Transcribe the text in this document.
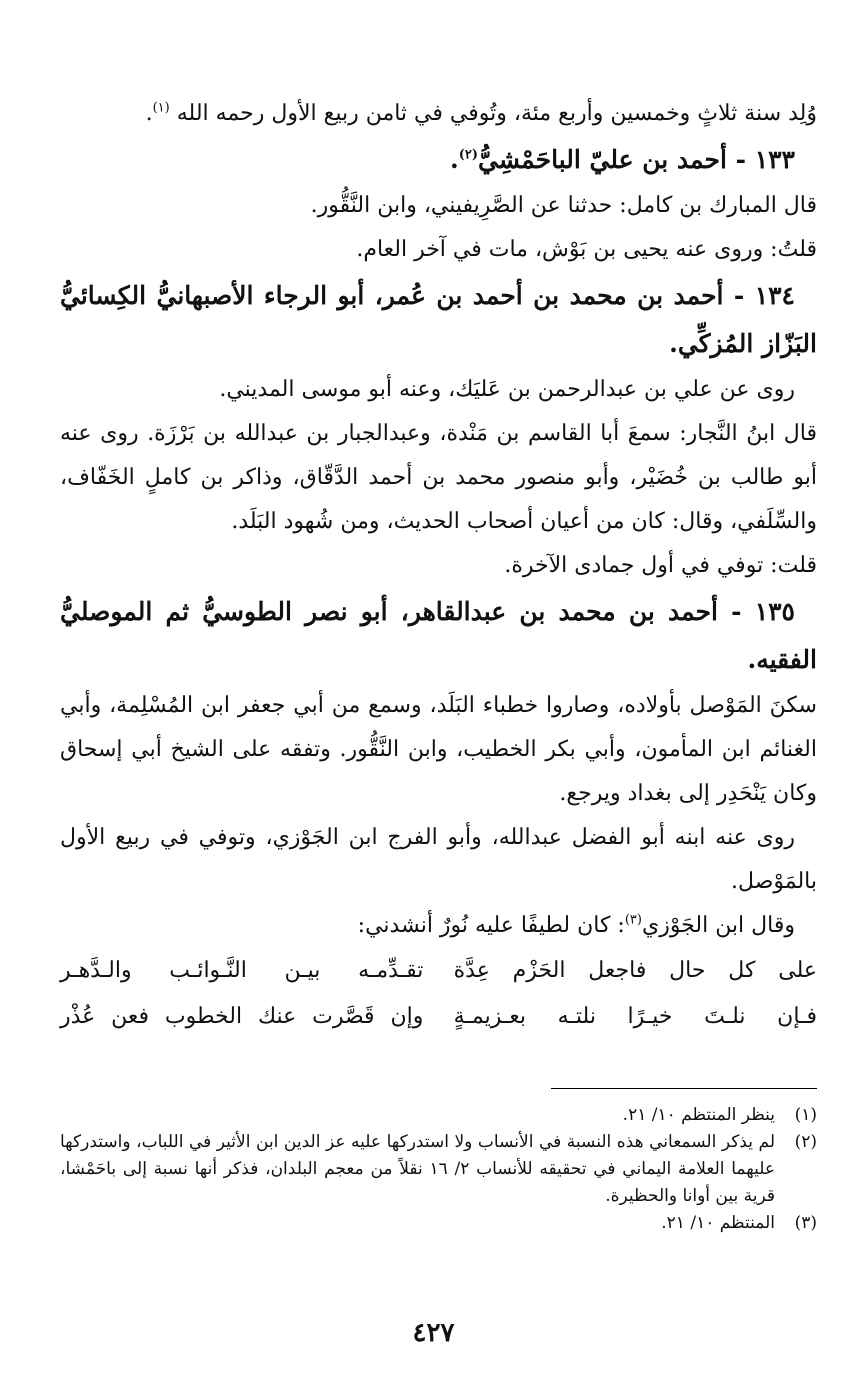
وُلِد سنة ثلاثٍ وخمسين وأربع مئة، وتُوفي في ثامن ربيع الأول رحمه الله $^{(١)}$.

١٣٣ - أحمد بن عليّ الباحَمْشِيُّ$^{(٢)}$.

قال المبارك بن كامل: حدثنا عن الصَّرِيفيني، وابن النَّقُّور.

قلتُ: وروى عنه يحيى بن بَوْش، مات في آخر العام.

١٣٤ - أحمد بن محمد بن أحمد بن عُمر، أبو الرجاء الأصبهانيُّ الكِسائيُّ البَزّاز المُزكِّي.

روى عن علي بن عبدالرحمن بن عَليَك، وعنه أبو موسى المديني.

قال ابنُ النَّجار: سمعَ أبا القاسم بن مَنْدة، وعبدالجبار بن عبدالله بن بَرْزَة. روى عنه أبو طالب بن خُضَيْر، وأبو منصور محمد بن أحمد الدَّقّاق، وذاكر بن كاملٍ الخَفّاف، والسِّلَفي، وقال: كان من أعيان أصحاب الحديث، ومن شُهود البَلَد.

قلت: توفي في أول جمادى الآخرة.

١٣٥ - أحمد بن محمد بن عبدالقاهر، أبو نصر الطوسيُّ ثم الموصليُّ الفقيه.

سكنَ المَوْصل بأولاده، وصاروا خطباء البَلَد، وسمع من أبي جعفر ابن المُسْلِمة، وأبي الغنائم ابن المأمون، وأبي بكر الخطيب، وابن النَّقُّور. وتفقه على الشيخ أبي إسحاق وكان يَنْحَدِر إلى بغداد ويرجع.

روى عنه ابنه أبو الفضل عبدالله، وأبو الفرج ابن الجَوْزي، وتوفي في ربيع الأول بالمَوْصل.

وقال ابن الجَوْزي$^{(٣)}$: كان لطيفًا عليه نُورٌ أنشدني:

على كل حال فاجعل الحَزْم عِدَّة
تقـدِّمـه بيـن النَّـوائـب والـدَّهـر
فـإن نلـتَ خيـرًا نلتـه بعـزيمـةٍ
وإن قَصَّرت عنك الخطوب فعن عُذْر
(١)
ينظر المنتظم ١٠/ ٢١.
(٢)
لم يذكر السمعاني هذه النسبة في الأنساب ولا استدركها عليه عز الدين ابن الأثير في اللباب، واستدركها عليهما العلامة اليماني في تحقيقه للأنساب ٢/ ١٦ نقلاً من معجم البلدان، فذكر أنها نسبة إلى باحَمْشا، قرية بين أوانا والحظيرة.
(٣)
المنتظم ١٠/ ٢١.
٤٢٧
